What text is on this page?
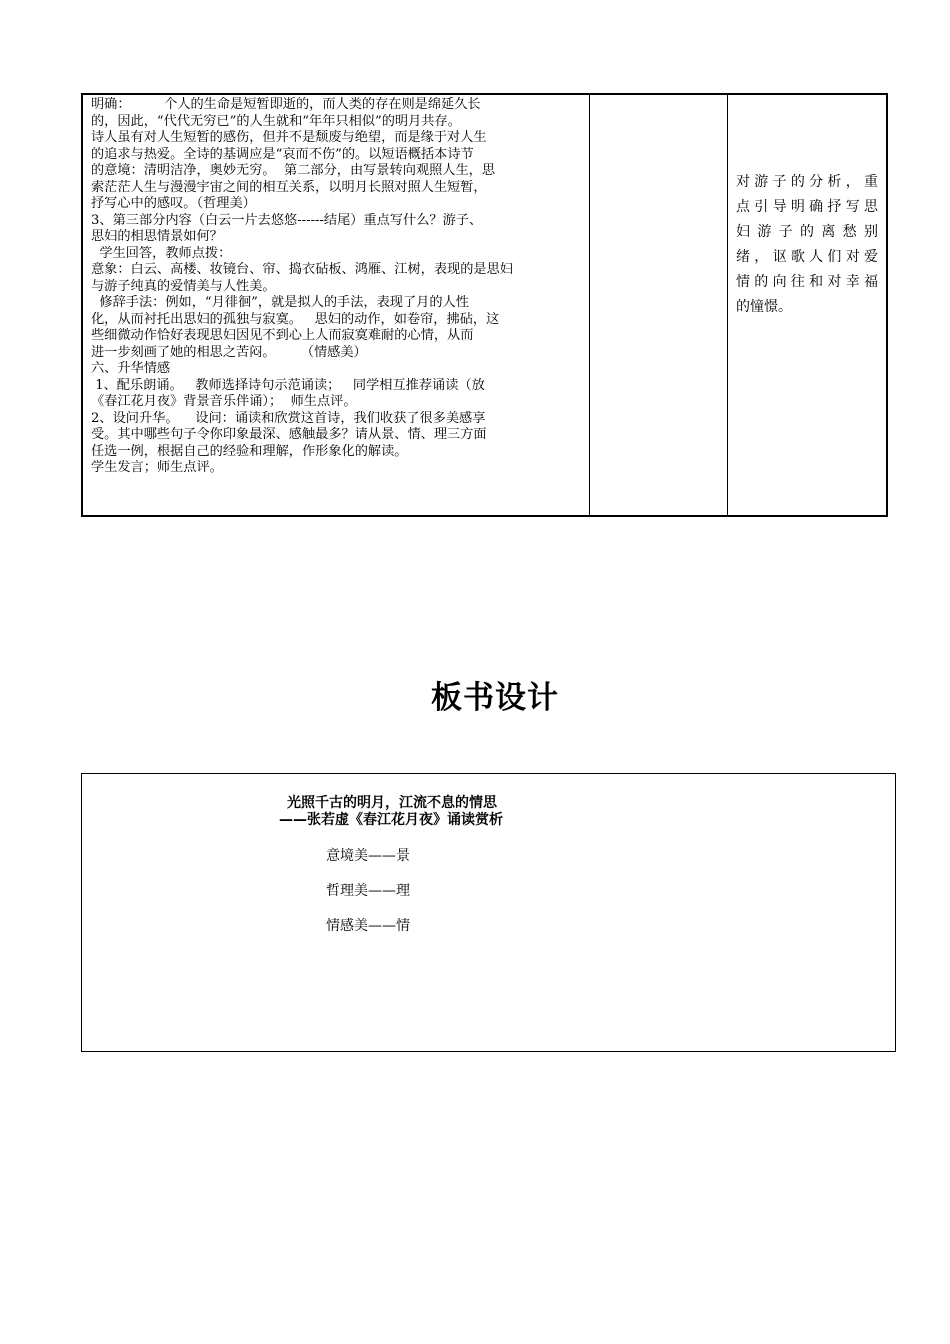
明确：        个人的生命是短暂即逝的，而人类的存在则是绵延久长
的，因此，“代代无穷已”的人生就和“年年只相似”的明月共存。
诗人虽有对人生短暂的感伤，但并不是颓废与绝望，而是缘于对人生
的追求与热爱。全诗的基调应是“哀而不伤”的。以短语概括本诗节
的意境：清明洁净，奥妙无穷。  第二部分，由写景转向观照人生，思
索茫茫人生与漫漫宇宙之间的相互关系，以明月长照对照人生短暂，
抒写心中的感叹。（哲理美）
3、第三部分内容（白云一片去悠悠------结尾）重点写什么？游子、
思妇的相思情景如何？
学生回答，教师点拨：
意象：白云、高楼、妆镜台、帘、捣衣砧板、鸿雁、江树，表现的是思妇
与游子纯真的爱情美与人性美。
修辞手法：例如，“月徘徊”，就是拟人的手法，表现了月的人性
化，从而衬托出思妇的孤独与寂寞。   思妇的动作，如卷帘，拂砧，这
些细微动作恰好表现思妇因见不到心上人而寂寞难耐的心情，从而
进一步刻画了她的相思之苦闷。      （情感美）
六、升华情感
1、配乐朗诵。   教师选择诗句示范诵读；   同学相互推荐诵读（放
《春江花月夜》背景音乐伴诵）；  师生点评。
2、设问升华。    设问：诵读和欣赏这首诗，我们收获了很多美感享
受。其中哪些句子令你印象最深、感触最多？请从景、情、理三方面
任选一例，根据自己的经验和理解，作形象化的解读。
学生发言；师生点评。
对游子的分析，重
点引导明确抒写思
妇游子的离愁别
绪，讴歌人们对爱
情的向往和对幸福
的憧憬。
板书设计
光照千古的明月，江流不息的情思
——张若虚《春江花月夜》诵读赏析
意境美——景
哲理美——理
情感美——情
